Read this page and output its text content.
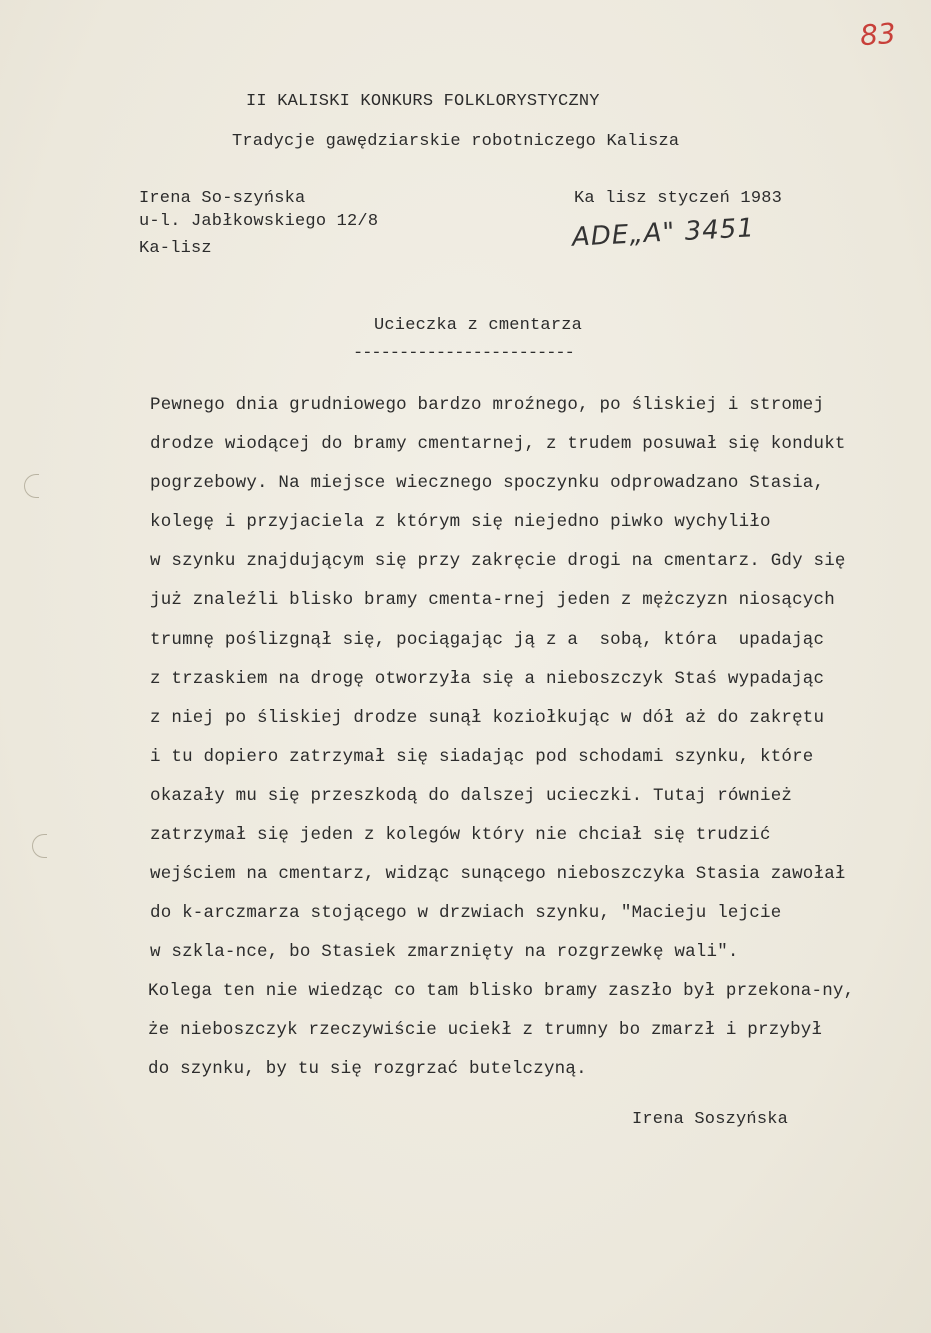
83
II KALISKI KONKURS FOLKLORYSTYCZNY
Tradycje gawędziarskie robotniczego Kalisza
Irena So-szyńska
u-l. Jabłkowskiego 12/8
Ka-lisz
Ka lisz styczeń 1983
ADE„A" 3451
Ucieczka z cmentarza
------------------------
Pewnego dnia grudniowego bardzo mroźnego, po śliskiej i stromej
drodze wiodącej do bramy cmentarnej, z trudem posuwał się kondukt
pogrzebowy. Na miejsce wiecznego spoczynku odprowadzano Stasia,
kolegę i przyjaciela z którym się niejedno piwko wychyliło
w szynku znajdującym się przy zakręcie drogi na cmentarz. Gdy się
już znaleźli blisko bramy cmenta-rnej jeden z mężczyzn niosących
trumnę poślizgnął się, pociągając ją z a  sobą, która  upadając
z trzaskiem na drogę otworzyła się a nieboszczyk Staś wypadając
z niej po śliskiej drodze sunął koziołkując w dół aż do zakrętu
i tu dopiero zatrzymał się siadając pod schodami szynku, które
okazały mu się przeszkodą do dalszej ucieczki. Tutaj również
zatrzymał się jeden z kolegów który nie chciał się trudzić
wejściem na cmentarz, widząc sunącego nieboszczyka Stasia zawołał
do k-arczmarza stojącego w drzwiach szynku, "Macieju lejcie
w szkla-nce, bo Stasiek zmarznięty na rozgrzewkę wali".
Kolega ten nie wiedząc co tam blisko bramy zaszło był przekona-ny,
że nieboszczyk rzeczywiście uciekł z trumny bo zmarzł i przybył
do szynku, by tu się rozgrzać butelczyną.
Irena Soszyńska
